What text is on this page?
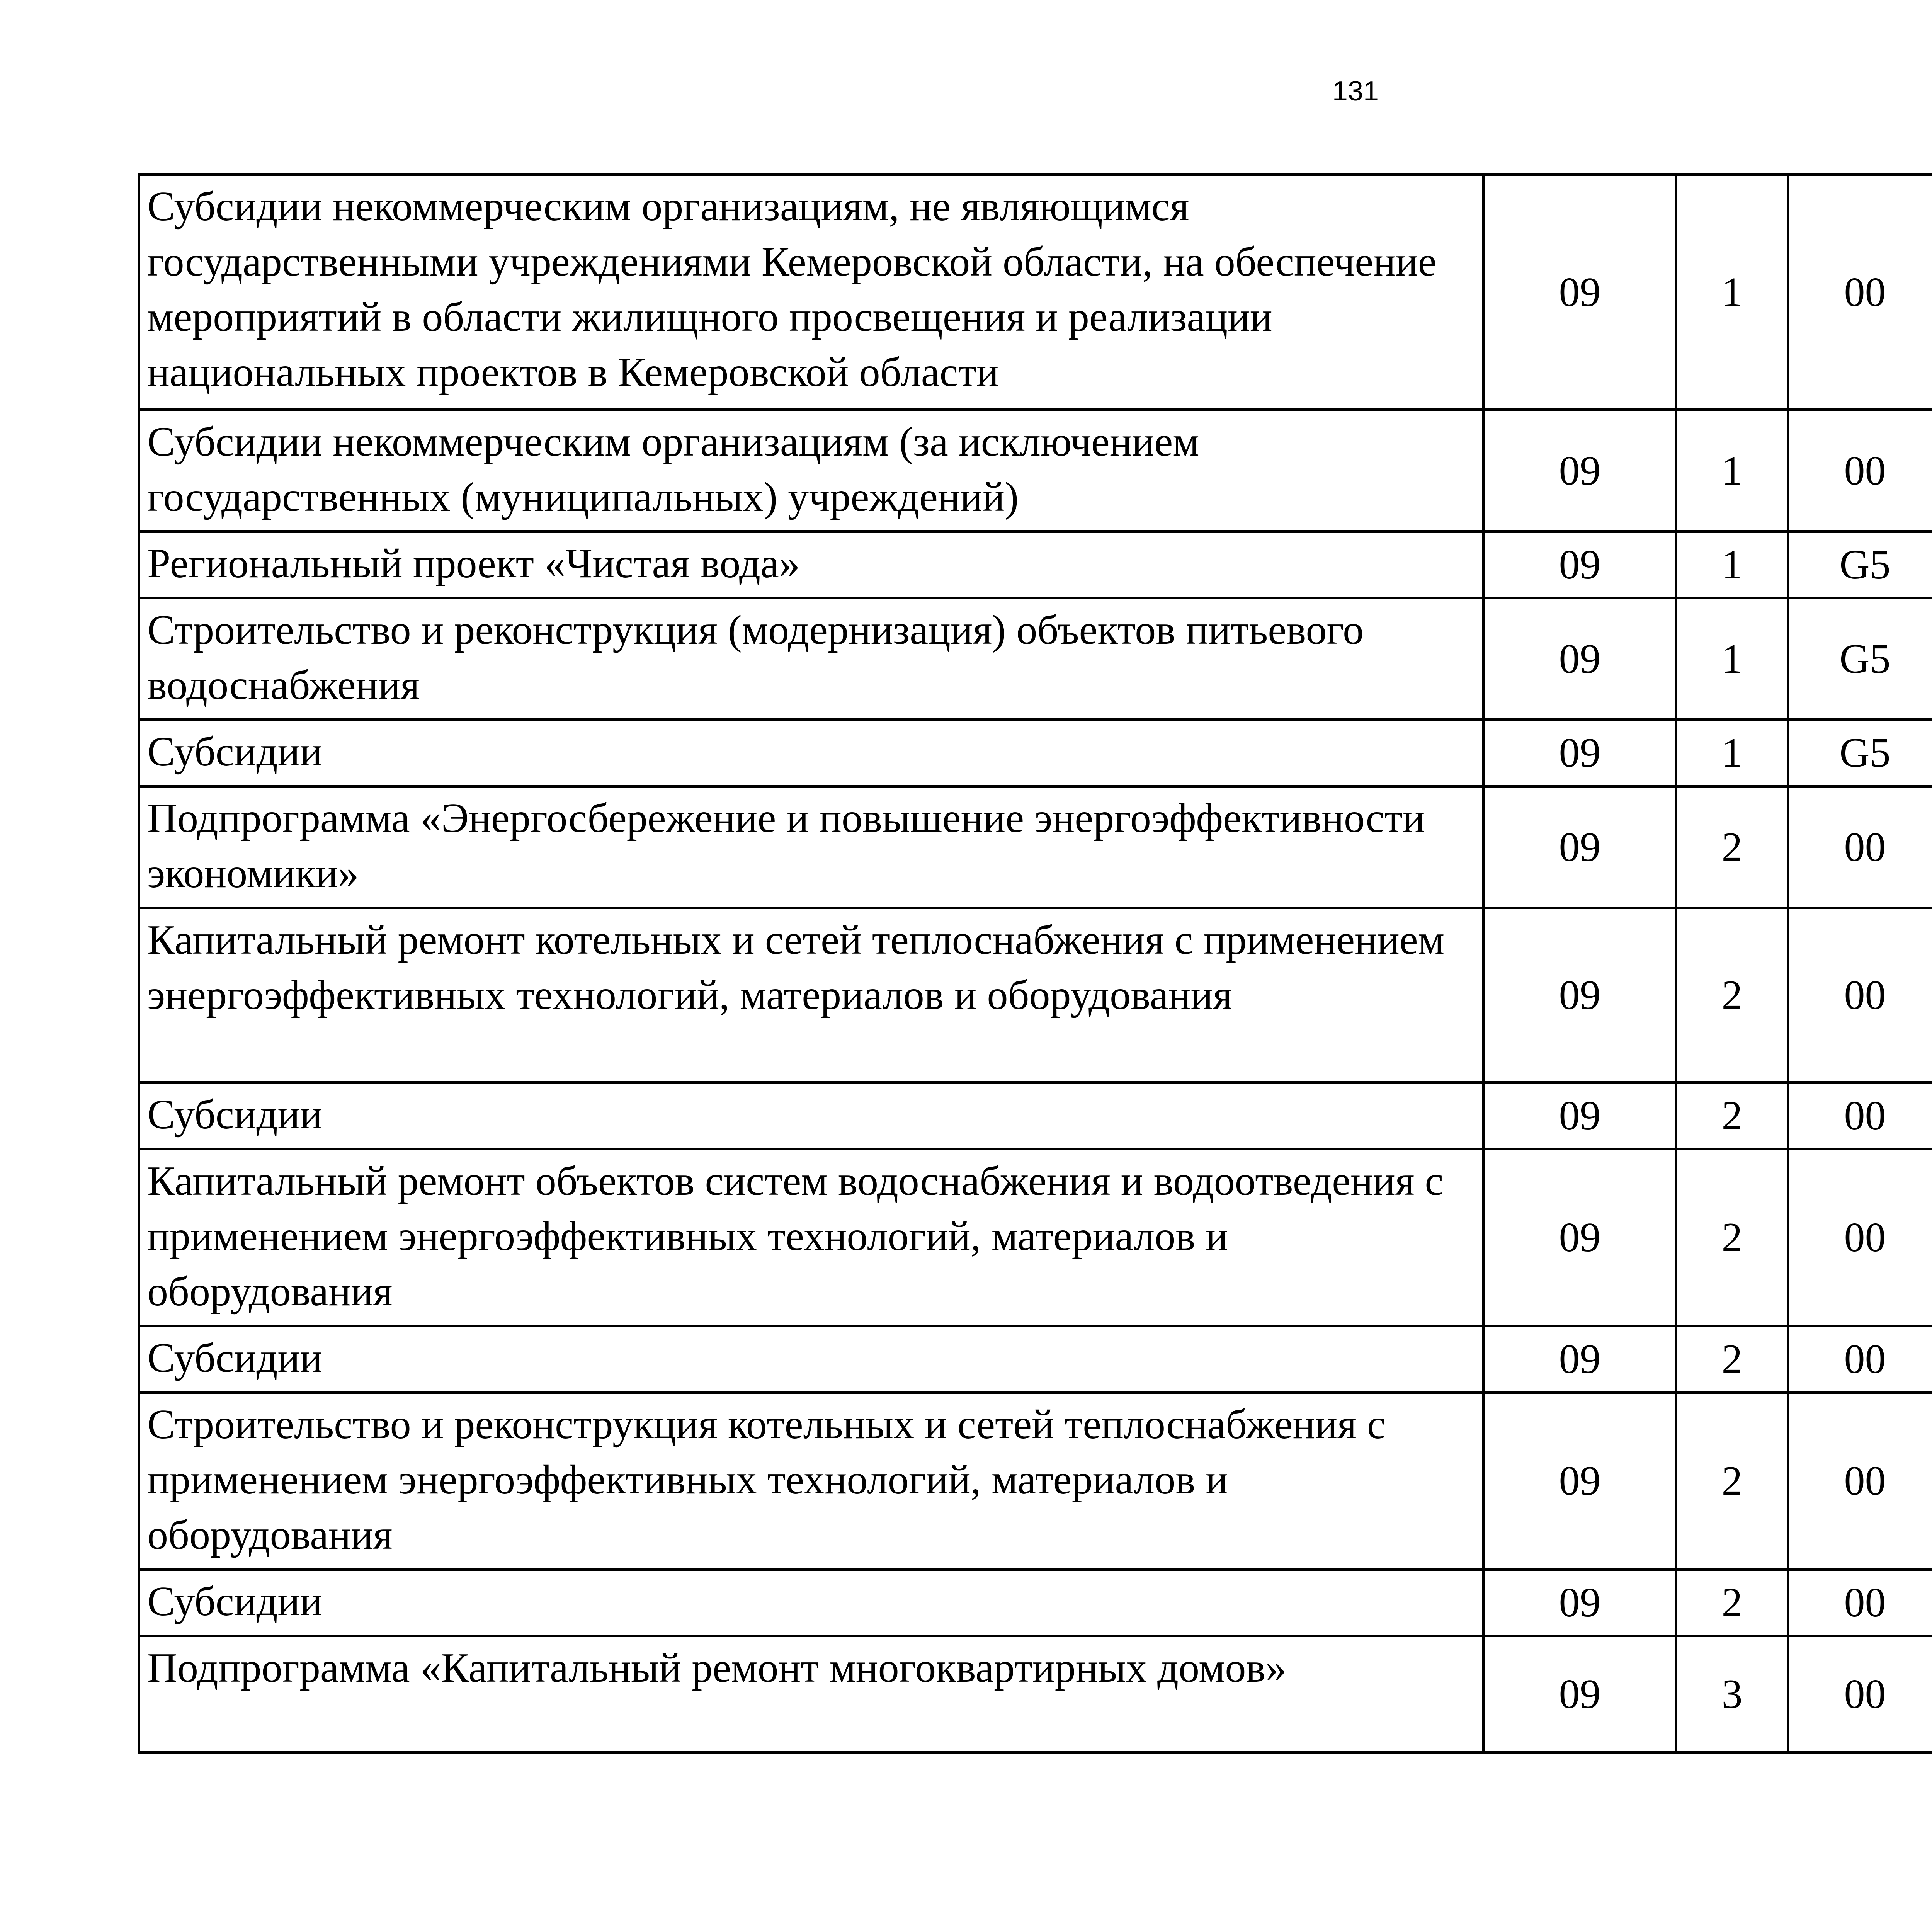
131
Субсидии некоммерческим организациям, не являющимся государственными учреждениями Кемеровской области, на обеспечение мероприятий в области жилищного просвещения и реализации национальных проектов в Кемеровской области	09	1	00			
Субсидии некоммерческим организациям (за исключением государственных (муниципальных) учреждений)	09	1	00			
Региональный проект «Чистая вода»	09	1	G5			
Строительство и реконструкция (модернизация) объектов питьевого водоснабжения	09	1	G5			
Субсидии	09	1	G5			
Подпрограмма «Энергосбережение и повышение энергоэффективности экономики»	09	2	00			
Капитальный ремонт котельных и сетей теплоснабжения с применением энергоэффективных технологий, материалов и оборудования	09	2	00			
Субсидии	09	2	00			
Капитальный ремонт объектов систем водоснабжения и водоотведения с применением энергоэффективных технологий, материалов и оборудования	09	2	00			
Субсидии	09	2	00			
Строительство и реконструкция котельных и сетей теплоснабжения с применением энергоэффективных технологий, материалов и оборудования	09	2	00			
Субсидии	09	2	00			
Подпрограмма «Капитальный ремонт многоквартирных домов»	09	3	00			
